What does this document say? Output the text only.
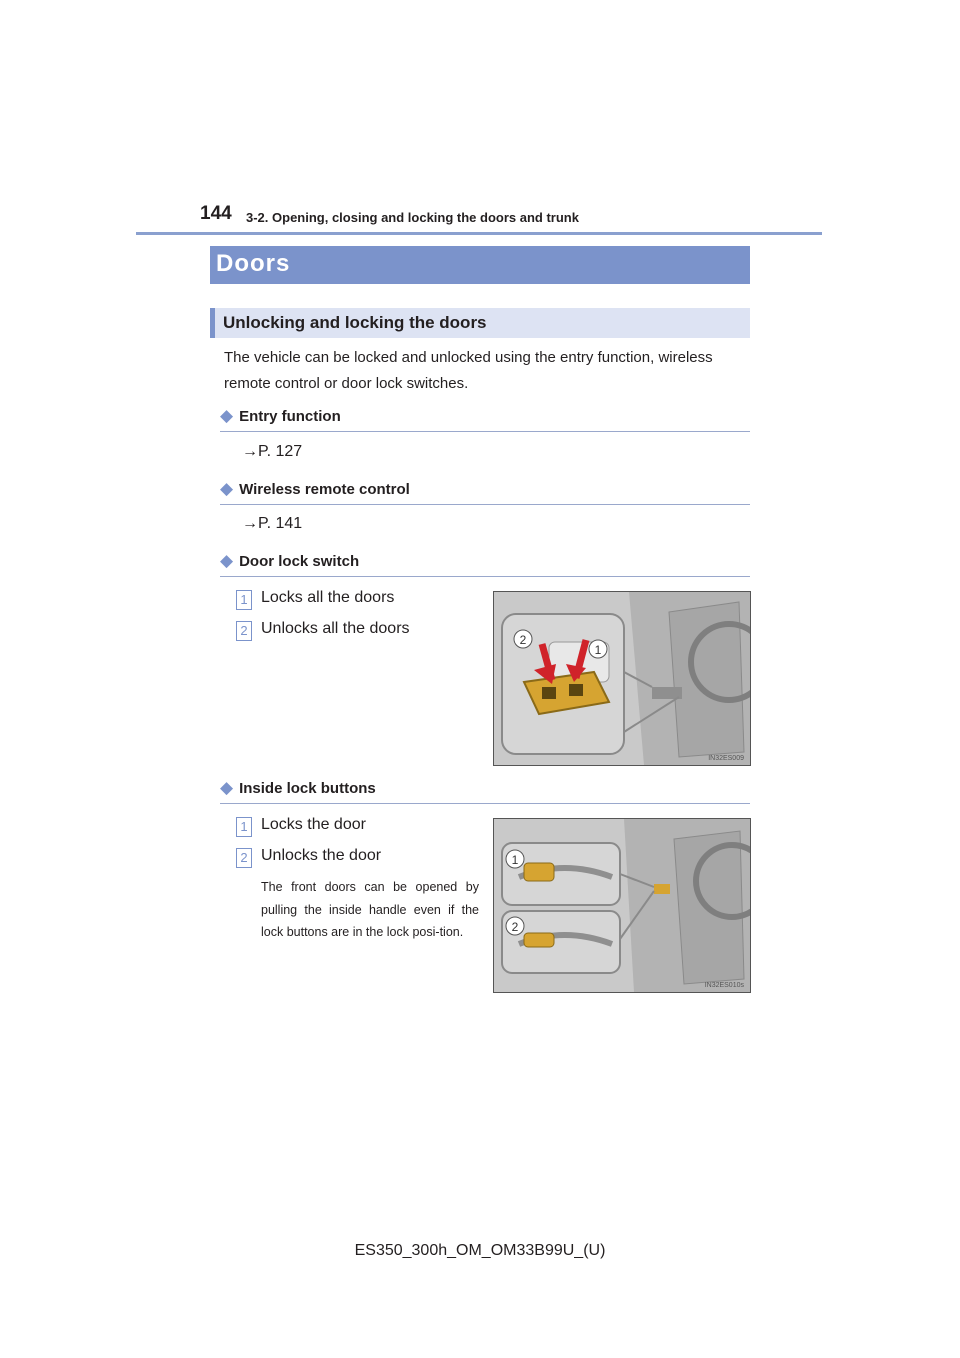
144 3-2. Opening, closing and locking the doors and trunk
Doors
Unlocking and locking the doors
The vehicle can be locked and unlocked using the entry function, wireless remote control or door lock switches.
◆ Entry function
→P. 127
◆ Wireless remote control
→P. 141
◆ Door lock switch
1 Locks all the doors
2 Unlocks all the doors
2
1
IN32ES009
◆ Inside lock buttons
1 Locks the door
2 Unlocks the door
The front doors can be opened by pulling the inside handle even if the lock buttons are in the lock posi-tion.
1
2
IN32ES010s
ES350_300h_OM_OM33B99U_(U)
